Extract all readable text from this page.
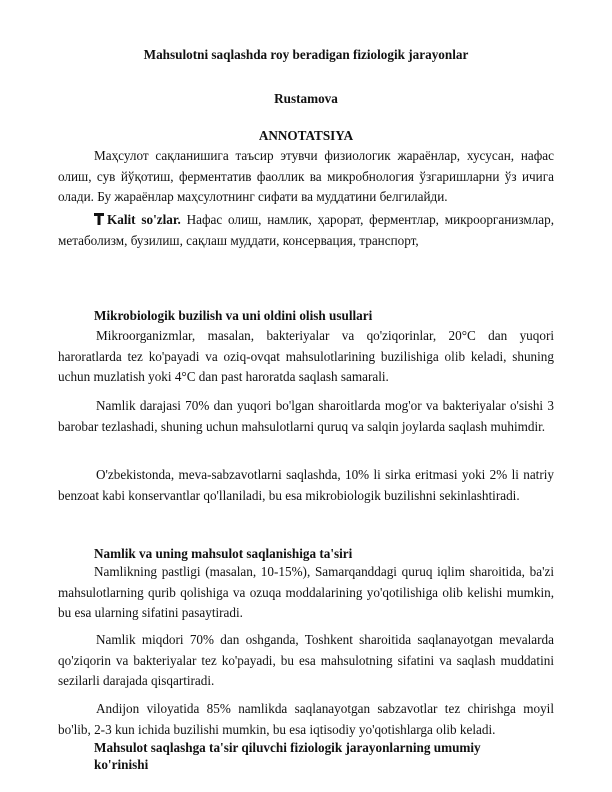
Mahsulotni saqlashda roy beradigan fiziologik jarayonlar
Rustamova
ANNOTATSIYA
Маҳсулот сақланишига таъсир этувчи физиологик жараёнлар, хусусан, нафас олиш, сув йўқотиш, ферментатив фаоллик ва микробнология ўзгаришларни ўз ичига олади. Бу жараёнлар маҳсулотнинг сифати ва муддатини белгилайди.
Kalit so'zlar. Нафас олиш, намлик, ҳарорат, ферментлар, микроорганизмлар, метаболизм, бузилиш, сақлаш муддати, консервация, транспорт,
Mikrobiologik buzilish va uni oldini olish usullari
Mikroorganizmlar, masalan, bakteriyalar va qo'ziqorinlar, 20°C dan yuqori haroratlarda tez ko'payadi va oziq-ovqat mahsulotlarining buzilishiga olib keladi, shuning uchun muzlatish yoki 4°C dan past haroratda saqlash samarali.
Namlik darajasi 70% dan yuqori bo'lgan sharoitlarda mog'or va bakteriyalar o'sishi 3 barobar tezlashadi, shuning uchun mahsulotlarni quruq va salqin joylarda saqlash muhimdir.
O'zbekistonda, meva-sabzavotlarni saqlashda, 10% li sirka eritmasi yoki 2% li natriy benzoat kabi konservantlar qo'llaniladi, bu esa mikrobiologik buzilishni sekinlashtiradi.
Namlik va uning mahsulot saqlanishiga ta'siri
Namlikning pastligi (masalan, 10-15%), Samarqanddagi quruq iqlim sharoitida, ba'zi mahsulotlarning qurib qolishiga va ozuqa moddalarining yo'qotilishiga olib kelishi mumkin, bu esa ularning sifatini pasaytiradi.
Namlik miqdori 70% dan oshganda, Toshkent sharoitida saqlanayotgan mevalarda qo'ziqorin va bakteriyalar tez ko'payadi, bu esa mahsulotning sifatini va saqlash muddatini sezilarli darajada qisqartiradi.
Andijon viloyatida 85% namlikda saqlanayotgan sabzavotlar tez chirishga moyil bo'lib, 2-3 kun ichida buzilishi mumkin, bu esa iqtisodiy yo'qotishlarga olib keladi.
Mahsulot saqlashga ta'sir qiluvchi fiziologik jarayonlarning umumiy ko'rinishi
